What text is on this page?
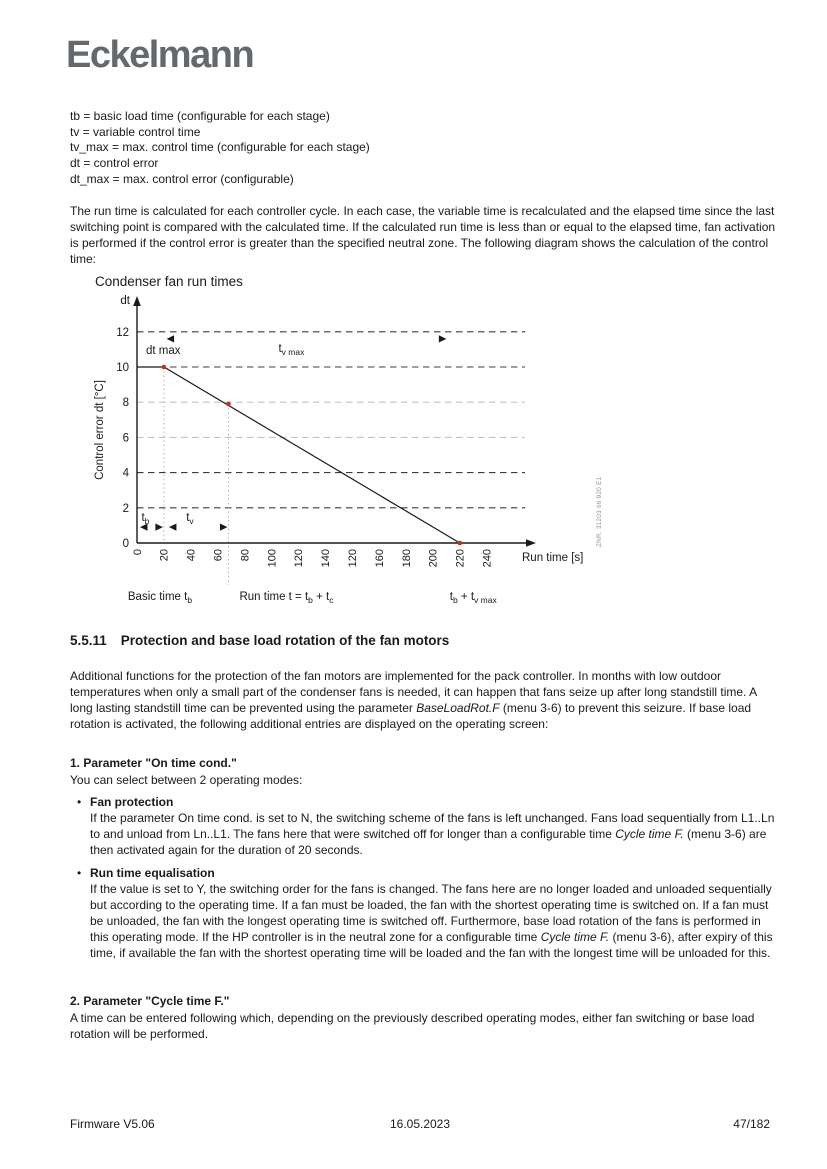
Eckelmann
tb = basic load time (configurable for each stage)
tv = variable control time
tv_max = max. control time (configurable for each stage)
dt = control error
dt_max = max. control error (configurable)

The run time is calculated for each controller cycle. In each case, the variable time is recalculated and the elapsed time since the last switching point is compared with the calculated time. If the calculated run time is less than or equal to the elapsed time, fan activation is performed if the control error is greater than the specified neutral zone. The following diagram shows the calculation of the control time:

Condenser fan run times
0
2
4
6
8
10
12
dt
Control error dt [°C]
0 20 40 60 80 100 120 140 120 160 180 200 220 240 Run time [s]
dt max	$t_{v max}$
$t_b$	$t_v$
Basic time $t_b$	Run time $t = t_b + t_c$	$t_b + t_{v max}$
ZNR. 31203 66 920 E1
5.5.11 Protection and base load rotation of the fan motors

Additional functions for the protection of the fan motors are implemented for the pack controller. In months with low outdoor temperatures when only a small part of the condenser fans is needed, it can happen that fans seize up after long standstill time. A long lasting standstill time can be prevented using the parameter BaseLoadRot.F (menu 3-6) to prevent this seizure. If base load rotation is activated, the following additional entries are displayed on the operating screen:

1. Parameter "On time cond."

You can select between 2 operating modes:

• Fan protection
If the parameter On time cond. is set to N, the switching scheme of the fans is left unchanged. Fans load sequentially from L1..Ln to and unload from Ln..L1. The fans here that were switched off for longer than a configurable time Cycle time F. (menu 3-6) are then activated again for the duration of 20 seconds.
• Run time equalisation
If the value is set to Y, the switching order for the fans is changed. The fans here are no longer loaded and unloaded sequentially but according to the operating time. If a fan must be loaded, the fan with the shortest operating time is switched on. If a fan must be unloaded, the fan with the longest operating time is switched off. Furthermore, base load rotation of the fans is performed in this operating mode. If the HP controller is in the neutral zone for a configurable time Cycle time F. (menu 3-6), after expiry of this time, if available the fan with the shortest operating time will be loaded and the fan with the longest time will be unloaded for this.
2. Parameter "Cycle time F."

A time can be entered following which, depending on the previously described operating modes, either fan switching or base load rotation will be performed.

Firmware V5.06	16.05.2023	47/182
